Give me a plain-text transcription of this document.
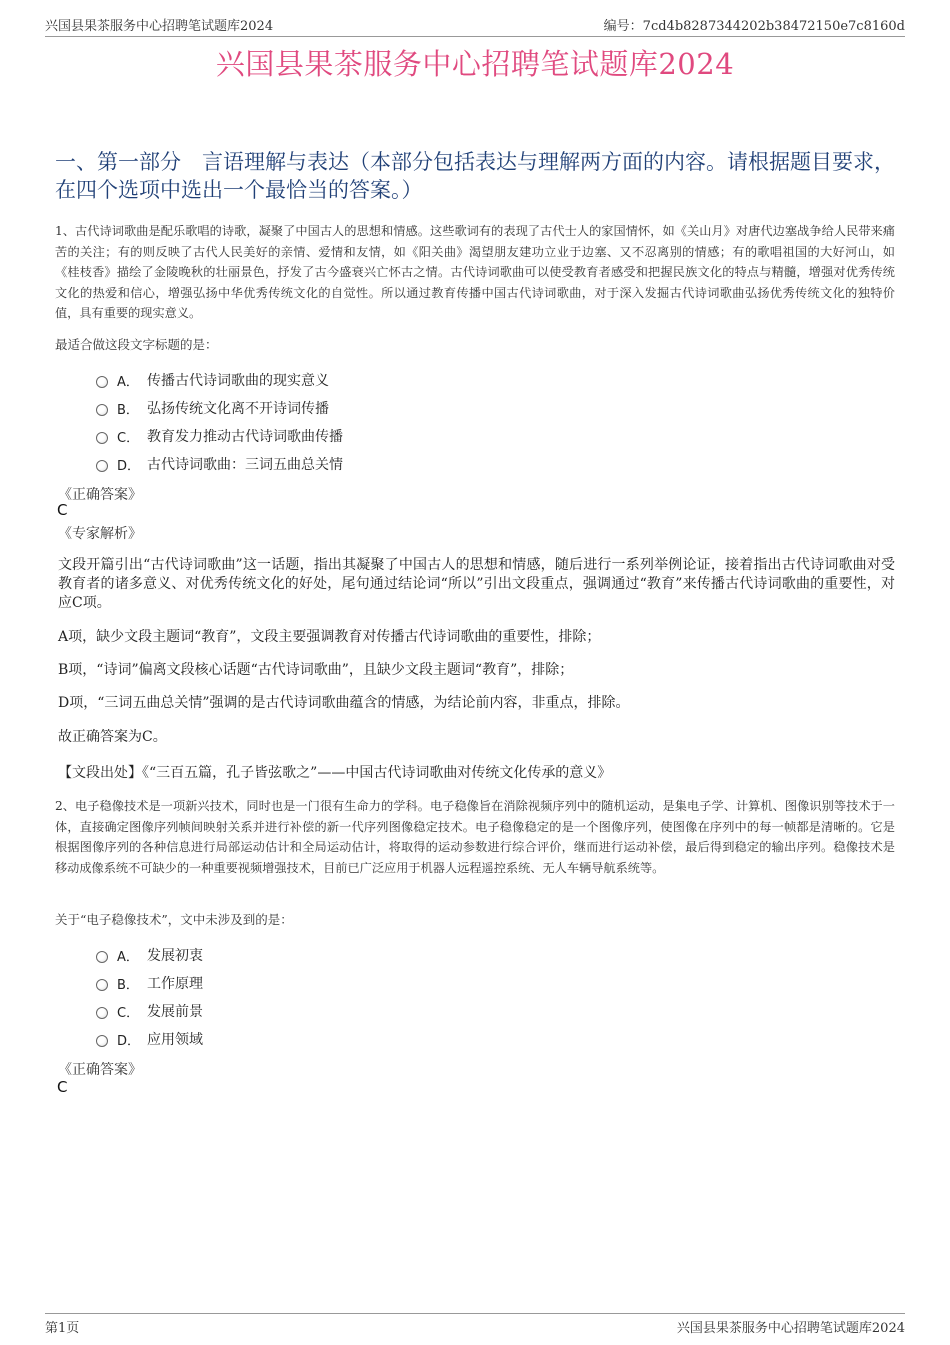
兴国县果茶服务中心招聘笔试题库2024	编号：7cd4b8287344202b38472150e7c8160d
兴国县果茶服务中心招聘笔试题库2024
一、第一部分　言语理解与表达（本部分包括表达与理解两方面的内容。请根据题目要求，在四个选项中选出一个最恰当的答案。）
1、古代诗词歌曲是配乐歌唱的诗歌，凝聚了中国古人的思想和情感。这些歌词有的表现了古代士人的家国情怀，如《关山月》对唐代边塞战争给人民带来痛苦的关注；有的则反映了古代人民美好的亲情、爱情和友情，如《阳关曲》渴望朋友建功立业于边塞、又不忍离别的情感；有的歌唱祖国的大好河山，如《桂枝香》描绘了金陵晚秋的壮丽景色，抒发了古今盛衰兴亡怀古之情。古代诗词歌曲可以使受教育者感受和把握民族文化的特点与精髓，增强对优秀传统文化的热爱和信心，增强弘扬中华优秀传统文化的自觉性。所以通过教育传播中国古代诗词歌曲，对于深入发掘古代诗词歌曲弘扬优秀传统文化的独特价值，具有重要的现实意义。
最适合做这段文字标题的是：
A． 传播古代诗词歌曲的现实意义
B． 弘扬传统文化离不开诗词传播
C． 教育发力推动古代诗词歌曲传播
D． 古代诗词歌曲：三词五曲总关情
《正确答案》
C
《专家解析》
文段开篇引出“古代诗词歌曲”这一话题，指出其凝聚了中国古人的思想和情感，随后进行一系列举例论证，接着指出古代诗词歌曲对受教育者的诸多意义、对优秀传统文化的好处，尾句通过结论词“所以”引出文段重点，强调通过“教育”来传播古代诗词歌曲的重要性，对应C项。
A项，缺少文段主题词“教育”，文段主要强调教育对传播古代诗词歌曲的重要性，排除；
B项，“诗词”偏离文段核心话题“古代诗词歌曲”，且缺少文段主题词“教育”，排除；
D项，“三词五曲总关情”强调的是古代诗词歌曲蕴含的情感，为结论前内容，非重点，排除。
故正确答案为C。
【文段出处】《“三百五篇，孔子皆弦歌之”——中国古代诗词歌曲对传统文化传承的意义》
2、电子稳像技术是一项新兴技术，同时也是一门很有生命力的学科。电子稳像旨在消除视频序列中的随机运动，是集电子学、计算机、图像识别等技术于一体，直接确定图像序列帧间映射关系并进行补偿的新一代序列图像稳定技术。电子稳像稳定的是一个图像序列，使图像在序列中的每一帧都是清晰的。它是根据图像序列的各种信息进行局部运动估计和全局运动估计，将取得的运动参数进行综合评价，继而进行运动补偿，最后得到稳定的输出序列。稳像技术是移动成像系统不可缺少的一种重要视频增强技术，目前已广泛应用于机器人远程遥控系统、无人车辆导航系统等。
关于“电子稳像技术”，文中未涉及到的是：
A． 发展初衷
B． 工作原理
C． 发展前景
D． 应用领域
《正确答案》
C
第1页	兴国县果茶服务中心招聘笔试题库2024
